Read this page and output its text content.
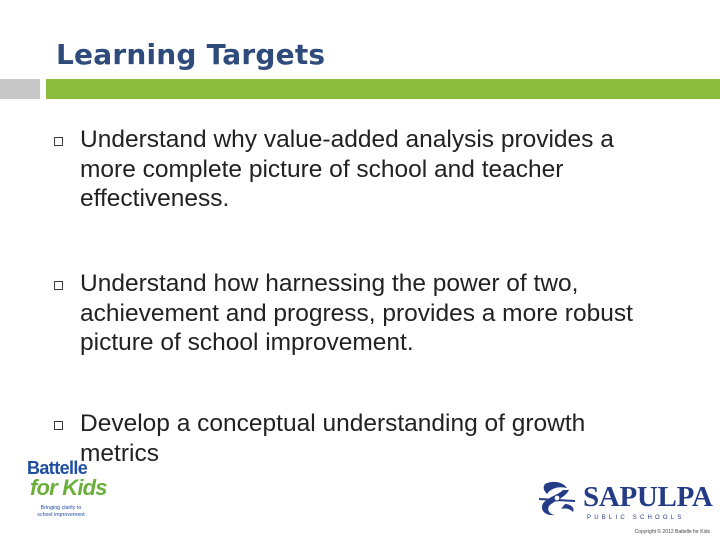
Learning Targets
Understand why value-added analysis provides a more complete picture of school and teacher effectiveness.
Understand how harnessing the power of two, achievement and progress, provides a more robust picture of school improvement.
Develop a conceptual understanding of growth metrics
Battelle
for Kids
Bringing clarity to school improvement
SAPULPA
PUBLIC SCHOOLS
Copyright © 2012 Battelle for Kids
